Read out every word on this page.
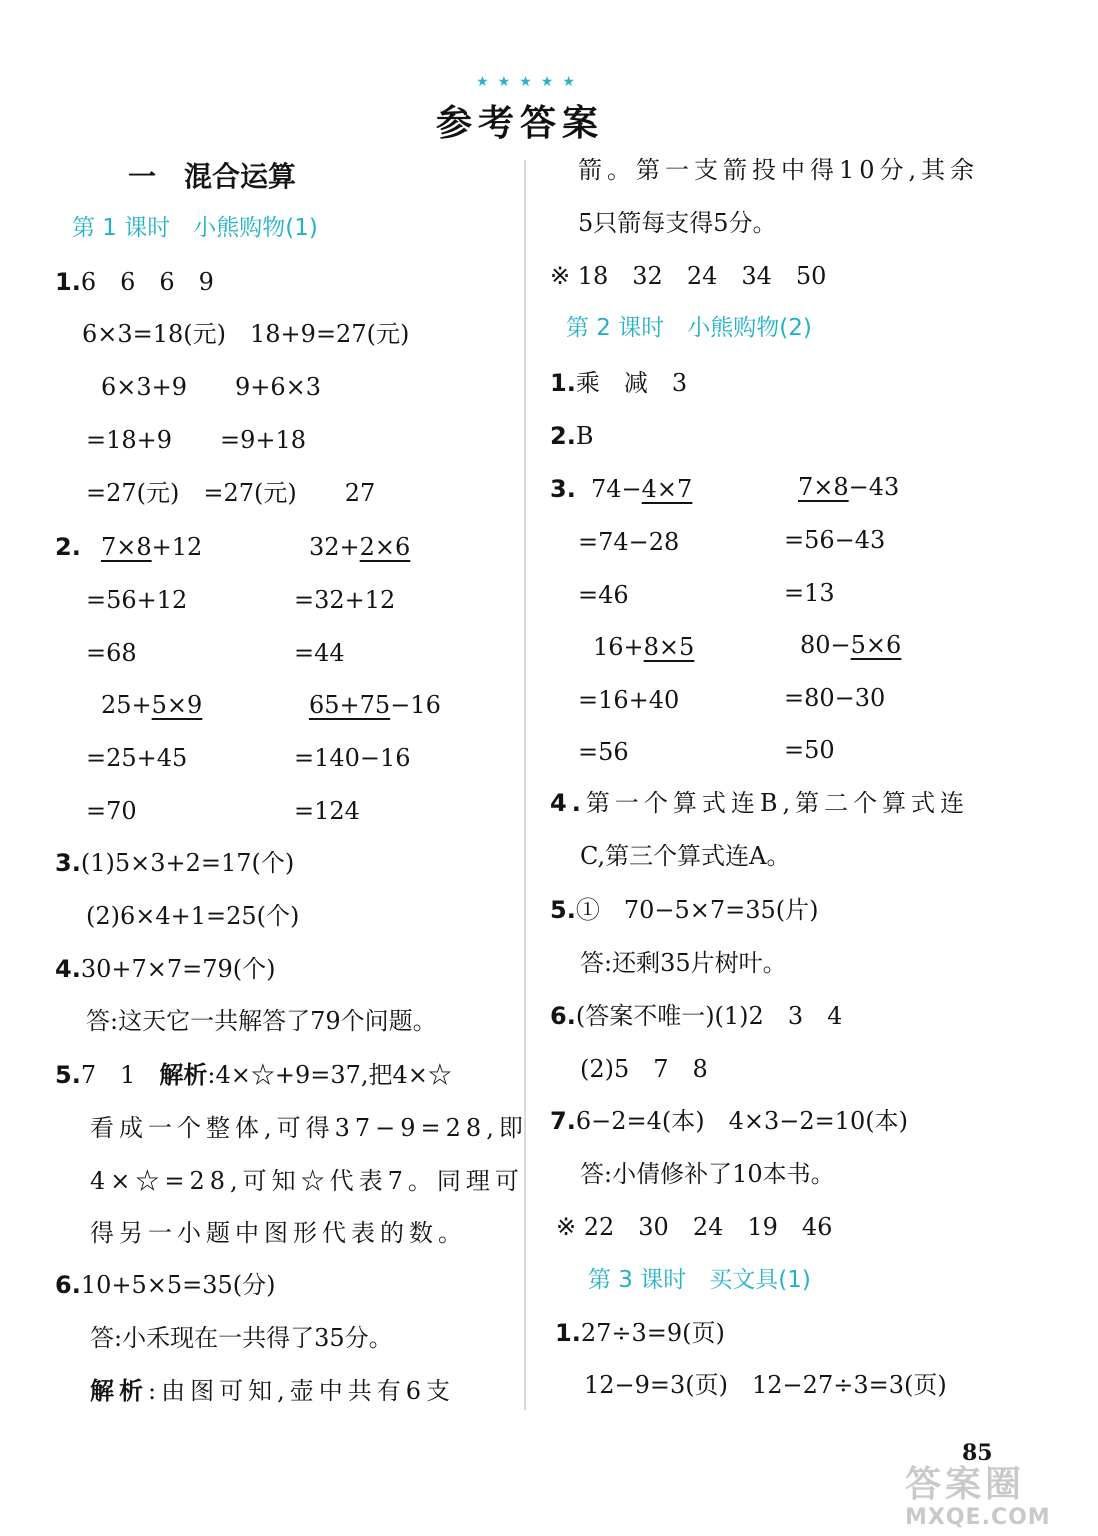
★★★★★
参考答案
一　混合运算
第 1 课时　小熊购物(1)
1.6　6　6　9
6×3=18(元)　18+9=27(元)
6×3+9　　9+6×3
=18+9　　=9+18
=27(元)　=27(元)　　27
2. 7×8+12	32+2×6
=56+12	=32+12
=68	=44
25+5×9	65+75−16
=25+45	=140−16
=70	=124
3.(1)5×3+2=17(个)
(2)6×4+1=25(个)
4.30+7×7=79(个)
答:这天它一共解答了79个问题。
5.7　1　解析:4×☆+9=37,把4×☆
看成一个整体,可得37−9=28,即
4×☆=28,可知☆代表7。同理可
得另一小题中图形代表的数。
6.10+5×5=35(分)
答:小禾现在一共得了35分。
解析:由图可知,壶中共有6支
箭。第一支箭投中得10分,其余
5只箭每支得5分。
※ 18　32　24　34　50
第 2 课时　小熊购物(2)
1.乘　减　3
2.B
3. 74−4×7	7×8−43
=74−28	=56−43
=46	=13
16+8×5	80−5×6
=16+40	=80−30
=56	=50
4.第一个算式连B,第二个算式连
C,第三个算式连A。
5.①　70−5×7=35(片)
答:还剩35片树叶。
6.(答案不唯一)(1)2　3　4
(2)5　7　8
7.6−2=4(本)　4×3−2=10(本)
答:小倩修补了10本书。
※ 22　30　24　19　46
第 3 课时　买文具(1)
1.27÷3=9(页)
12−9=3(页)　12−27÷3=3(页)
85
答案圈
MXQE.COM
